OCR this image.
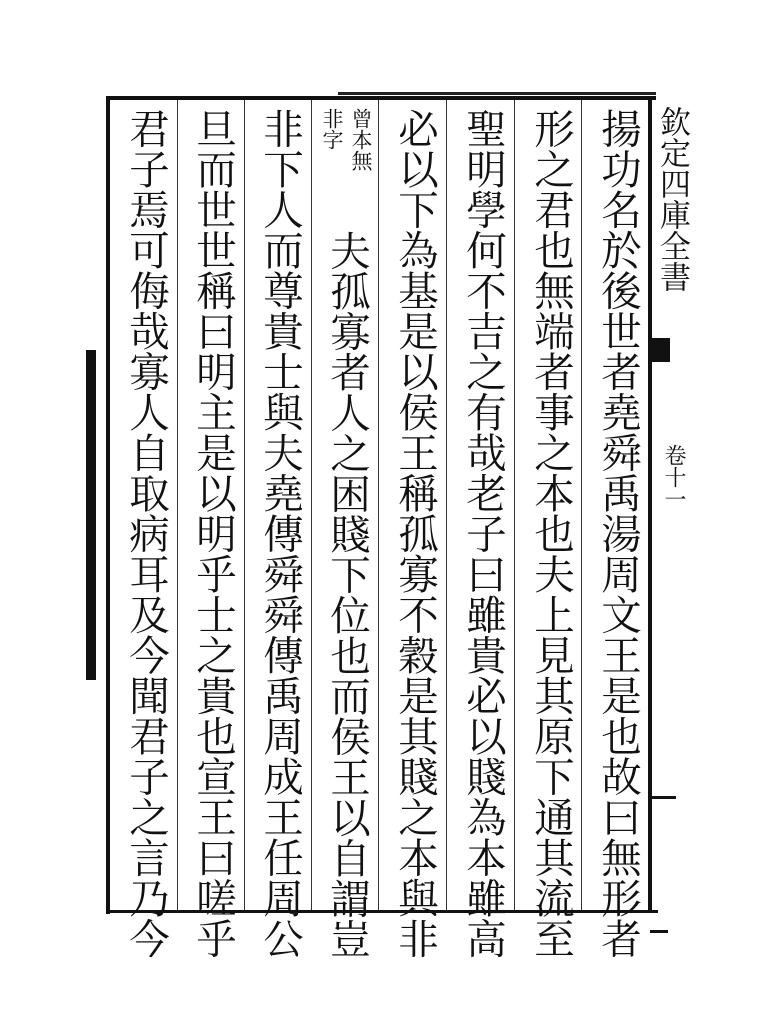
欽定四庫全書
卷十一
揚功名於後世者堯舜禹湯周文王是也故曰無形者
形之君也無端者事之本也夫上見其原下通其流至
聖明學何不吉之有哉老子曰雖貴必以賤為本雖高
必以下為基是以侯王稱孤寡不穀是其賤之本與非
曾本無
非字
夫孤寡者人之困賤下位也而侯王以自謂豈
非下人而尊貴士與夫堯傳舜舜傳禹周成王任周公
旦而世世稱曰明主是以明乎士之貴也宣王曰嗟乎
君子焉可侮哉寡人自取病耳及今聞君子之言乃今
